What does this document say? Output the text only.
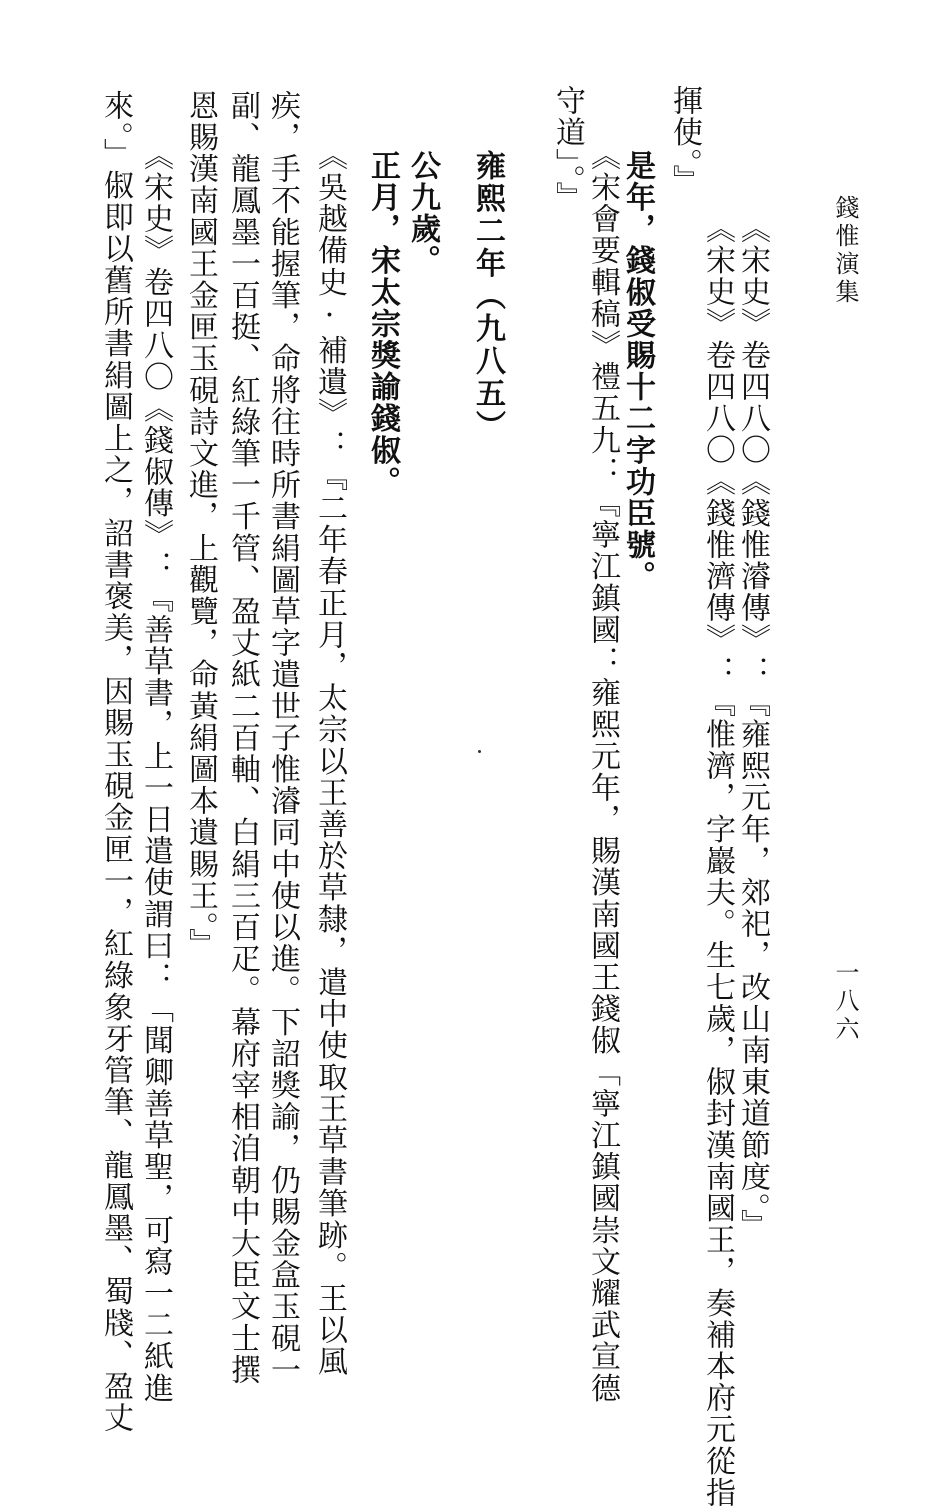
錢惟演集
一八六
《宋史》卷四八〇《錢惟濬傳》：『雍熙元年，郊祀，改山南東道節度。』
《宋史》卷四八〇《錢惟濟傳》：『惟濟，字巖夫。生七歲，俶封漢南國王，奏補本府元從指
揮使。』
是年，錢俶受賜十二字功臣號。
《宋會要輯稿》禮五九：『寧江鎮國：雍熙元年，賜漢南國王錢俶「寧江鎮國崇文耀武宣德
守道」。』
雍熙二年（九八五）
公九歲。
正月，宋太宗獎諭錢俶。
《吳越備史·補遺》：『二年春正月，太宗以王善於草隸，遣中使取王草書筆跡。王以風
疾，手不能握筆，命將往時所書絹圖草字遣世子惟濬同中使以進。下詔獎諭，仍賜金盒玉硯一
副、龍鳳墨一百挺、紅綠筆一千管、盈丈紙二百軸、白絹三百疋。幕府宰相洎朝中大臣文士撰
恩賜漢南國王金匣玉硯詩文進，上觀覽，命黃絹圖本遺賜王。』
《宋史》卷四八〇《錢俶傳》：『善草書，上一日遣使謂曰：「聞卿善草聖，可寫一二紙進
來。」俶即以舊所書絹圖上之，詔書褒美，因賜玉硯金匣一，紅綠象牙管筆、龍鳳墨、蜀牋、盈丈
